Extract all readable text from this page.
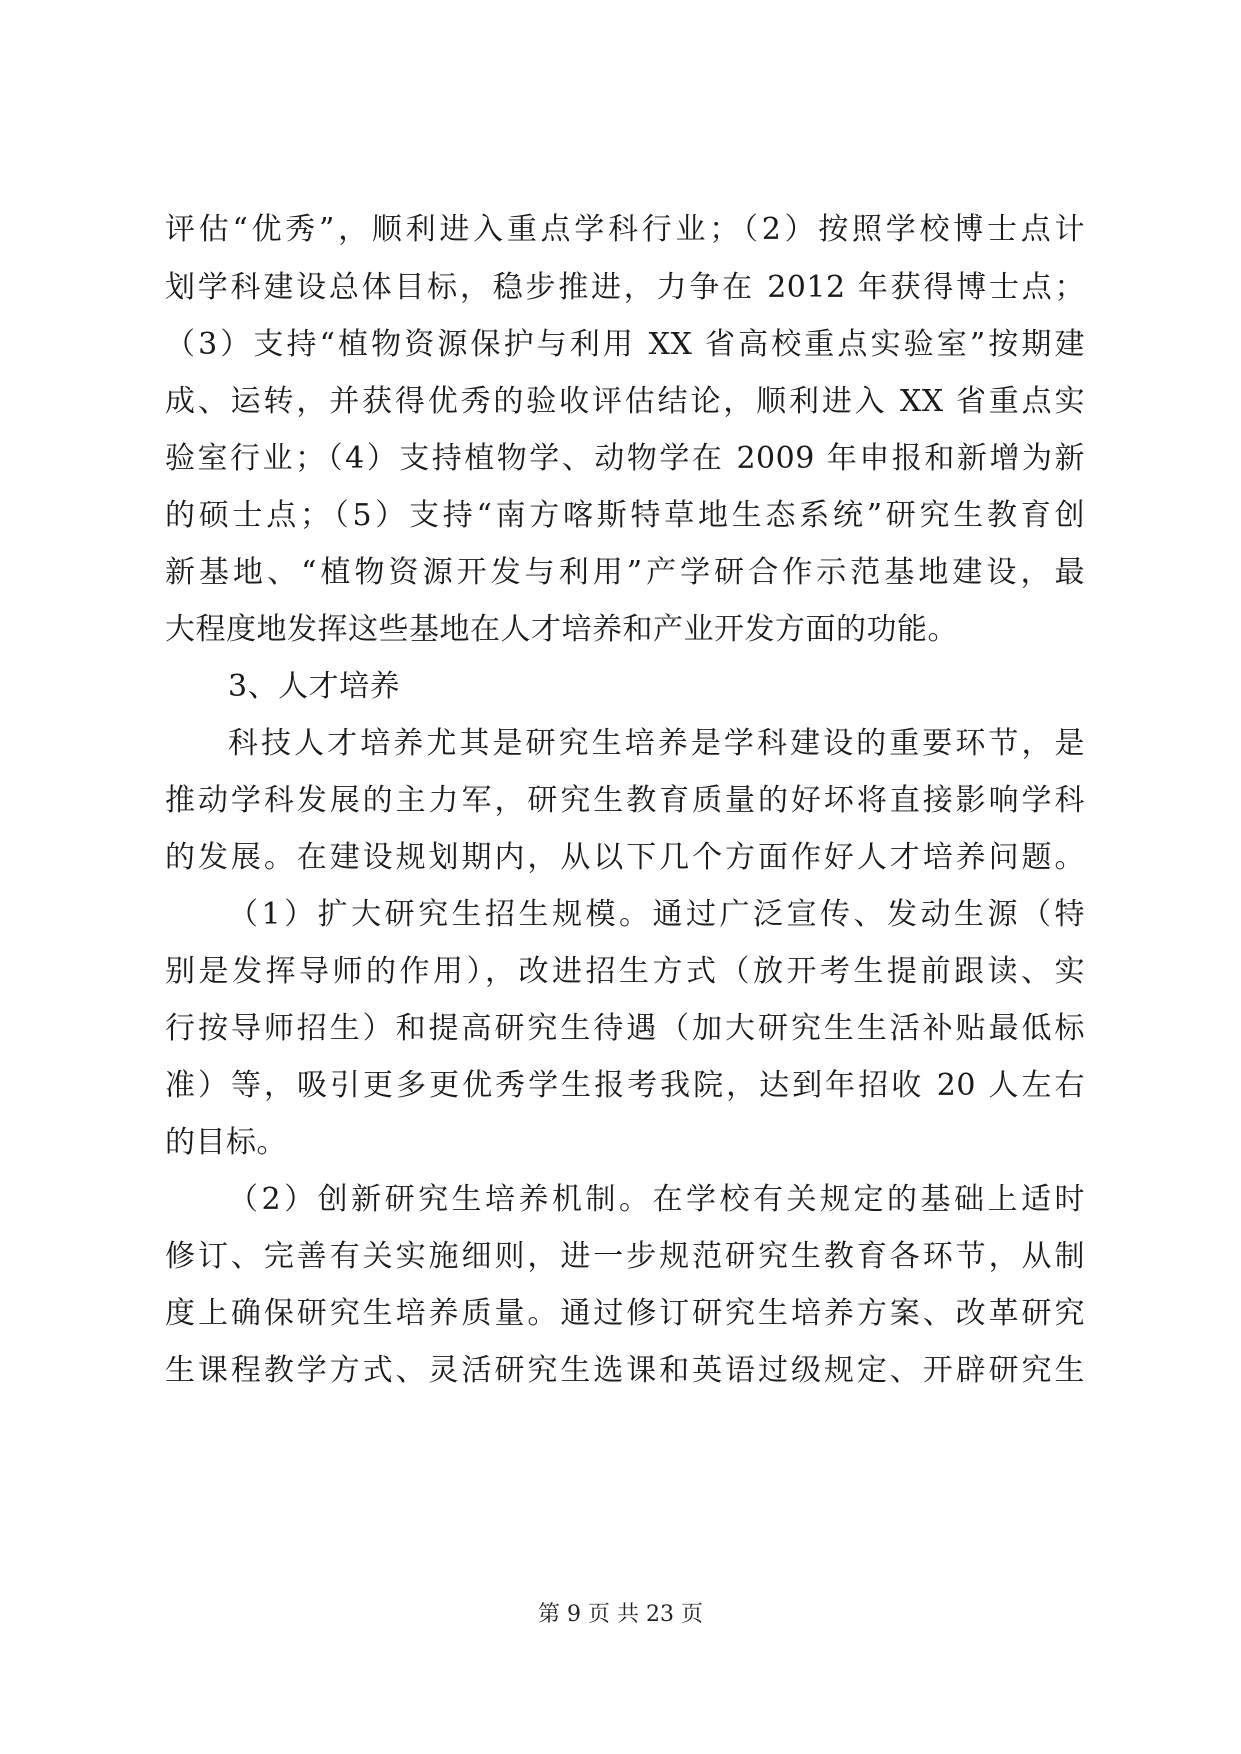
评估“优秀”，顺利进入重点学科行业；（2）按照学校博士点计
划学科建设总体目标，稳步推进，力争在 2012 年获得博士点；
（3）支持“植物资源保护与利用 XX 省高校重点实验室”按期建
成、运转，并获得优秀的验收评估结论，顺利进入 XX 省重点实
验室行业；（4）支持植物学、动物学在 2009 年申报和新增为新
的硕士点；（5）支持“南方喀斯特草地生态系统”研究生教育创
新基地、“植物资源开发与利用”产学研合作示范基地建设，最
大程度地发挥这些基地在人才培养和产业开发方面的功能。
3、人才培养
科技人才培养尤其是研究生培养是学科建设的重要环节，是
推动学科发展的主力军，研究生教育质量的好坏将直接影响学科
的发展。在建设规划期内，从以下几个方面作好人才培养问题。
（1）扩大研究生招生规模。通过广泛宣传、发动生源（特
别是发挥导师的作用），改进招生方式（放开考生提前跟读、实
行按导师招生）和提高研究生待遇（加大研究生生活补贴最低标
准）等，吸引更多更优秀学生报考我院，达到年招收 20 人左右
的目标。
（2）创新研究生培养机制。在学校有关规定的基础上适时
修订、完善有关实施细则，进一步规范研究生教育各环节，从制
度上确保研究生培养质量。通过修订研究生培养方案、改革研究
生课程教学方式、灵活研究生选课和英语过级规定、开辟研究生
第 9 页 共 23 页
